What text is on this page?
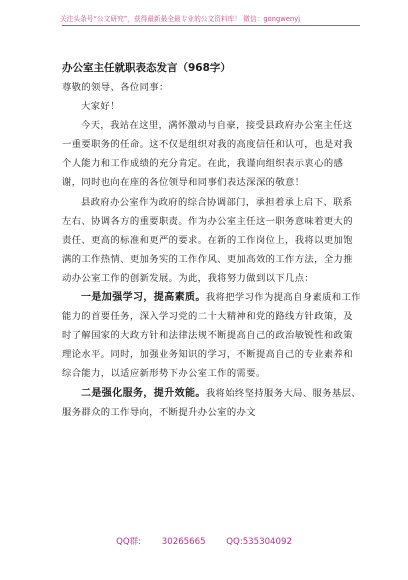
关注头条号“公文研究”，获得最新最全最专业的公文资料库！ 微信：gongwenyj
办公室主任就职表态发言（968字）

尊敬的领导、各位同事：

大家好！

今天，我站在这里，满怀激动与自豪，接受县政府办公室主任这一重要职务的任命。这不仅是组织对我的高度信任和认可，也是对我个人能力和工作成绩的充分肯定。在此，我谨向组织表示衷心的感谢，同时也向在座的各位领导和同事们表达深深的敬意！

县政府办公室作为政府的综合协调部门，承担着承上启下、联系左右、协调各方的重要职责。作为办公室主任这一职务意味着更大的责任、更高的标准和更严的要求。在新的工作岗位上，我将以更加饱满的工作热情、更加务实的工作作风、更加高效的工作方法，全力推动办公室工作的创新发展。为此，我将努力做到以下几点：

一是加强学习，提高素质。我将把学习作为提高自身素质和工作能力的首要任务，深入学习党的二十大精神和党的路线方针政策，及时了解国家的大政方针和法律法规不断提高自己的政治敏锐性和政策理论水平。同时，加强业务知识的学习，不断提高自己的专业素养和综合能力，以适应新形势下办公室工作的需要。

二是强化服务，提升效能。我将始终坚持服务大局、服务基层、服务群众的工作导向，不断提升办公室的办文

QQ群: 30265665 QQ:535304092
